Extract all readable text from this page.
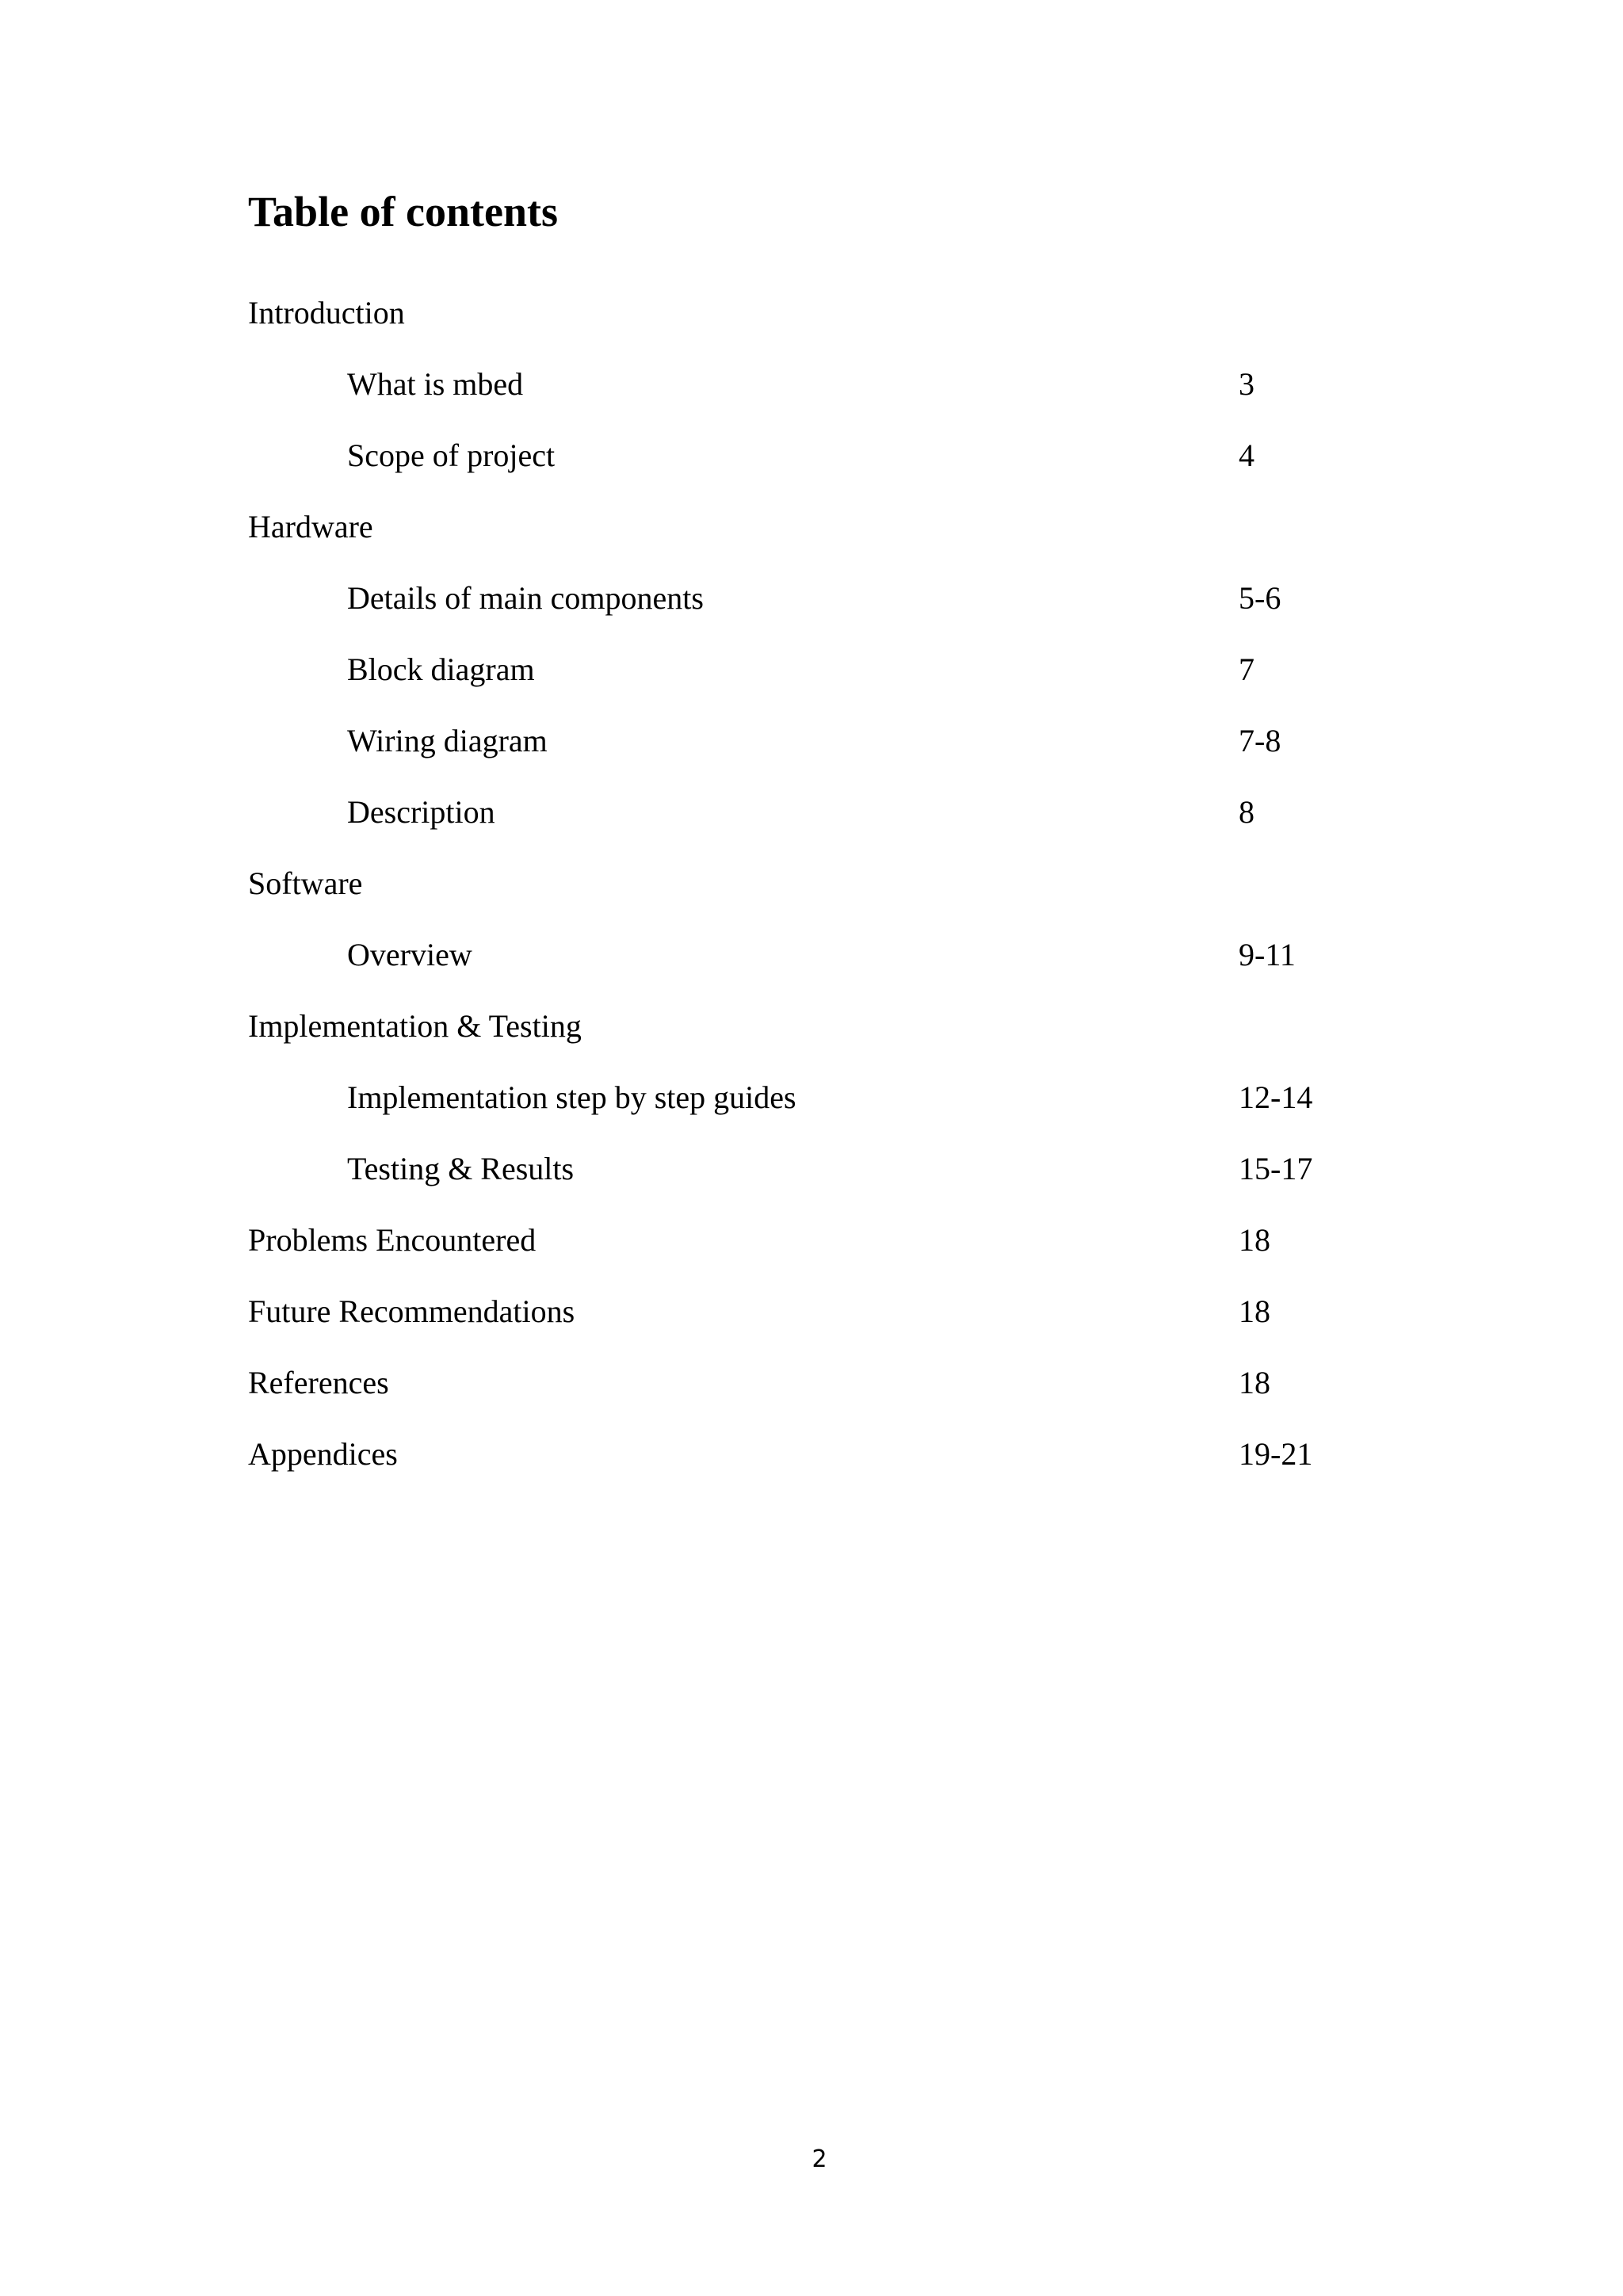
Table of contents
Introduction
What is mbed	3
Scope of project	4
Hardware
Details of main components	5-6
Block diagram	7
Wiring diagram	7-8
Description	8
Software
Overview	9-11
Implementation & Testing
Implementation step by step guides	12-14
Testing & Results	15-17
Problems Encountered	18
Future Recommendations	18
References	18
Appendices	19-21
2
